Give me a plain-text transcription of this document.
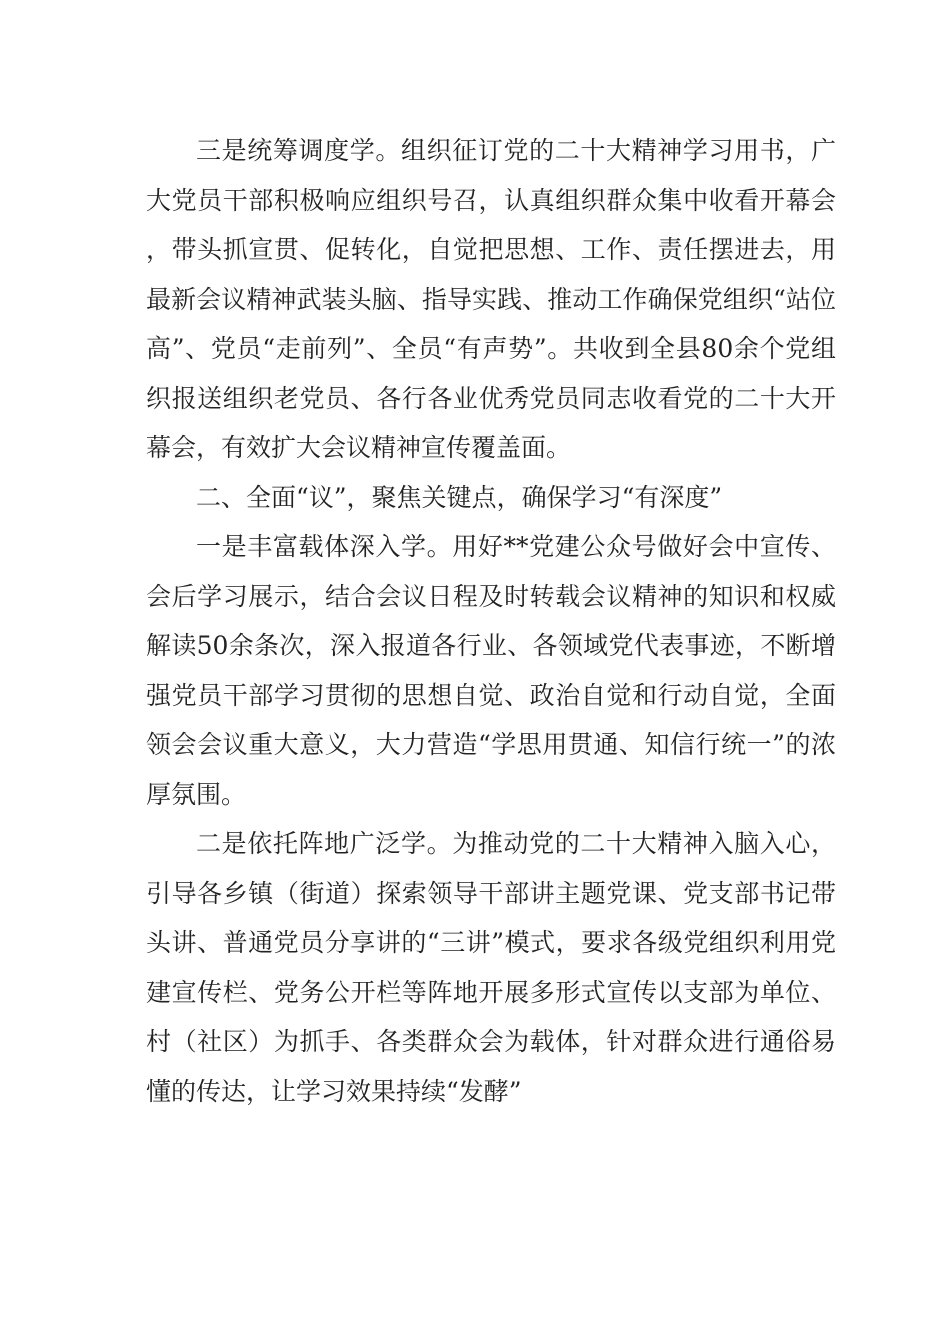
三是统筹调度学。组织征订党的二十大精神学习用书，广大党员干部积极响应组织号召，认真组织群众集中收看开幕会，带头抓宣贯、促转化，自觉把思想、工作、责任摆进去，用最新会议精神武装头脑、指导实践、推动工作确保党组织“站位高”、党员“走前列”、全员“有声势”。共收到全县80余个党组织报送组织老党员、各行各业优秀党员同志收看党的二十大开幕会，有效扩大会议精神宣传覆盖面。

二、全面“议”，聚焦关键点，确保学习“有深度”

一是丰富载体深入学。用好**党建公众号做好会中宣传、会后学习展示，结合会议日程及时转载会议精神的知识和权威解读50余条次，深入报道各行业、各领域党代表事迹，不断增强党员干部学习贯彻的思想自觉、政治自觉和行动自觉，全面领会会议重大意义，大力营造“学思用贯通、知信行统一”的浓厚氛围。

二是依托阵地广泛学。为推动党的二十大精神入脑入心，引导各乡镇（街道）探索领导干部讲主题党课、党支部书记带头讲、普通党员分享讲的“三讲”模式，要求各级党组织利用党建宣传栏、党务公开栏等阵地开展多形式宣传以支部为单位、村（社区）为抓手、各类群众会为载体，针对群众进行通俗易懂的传达，让学习效果持续“发酵”
